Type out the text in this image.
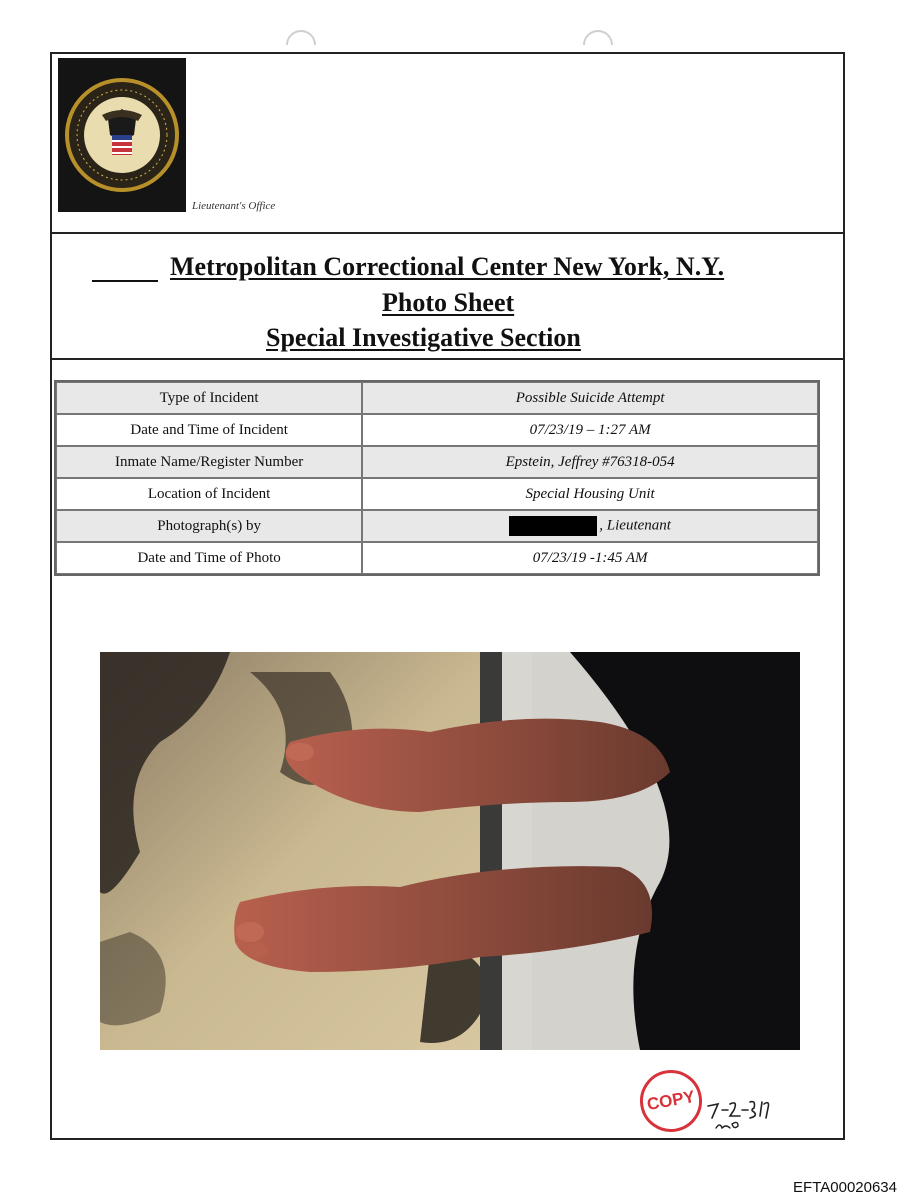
Lieutenant's Office
Metropolitan Correctional Center New York, N.Y.
Photo Sheet
Special Investigative Section
Type of Incident	Possible Suicide Attempt
Date and Time of Incident	07/23/19 – 1:27 AM
Inmate Name/Register Number	Epstein, Jeffrey #76318-054
Location of Incident	Special Housing Unit
Photograph(s) by	, Lieutenant
Date and Time of Photo	07/23/19 -1:45 AM
COPY
EFTA00020634
